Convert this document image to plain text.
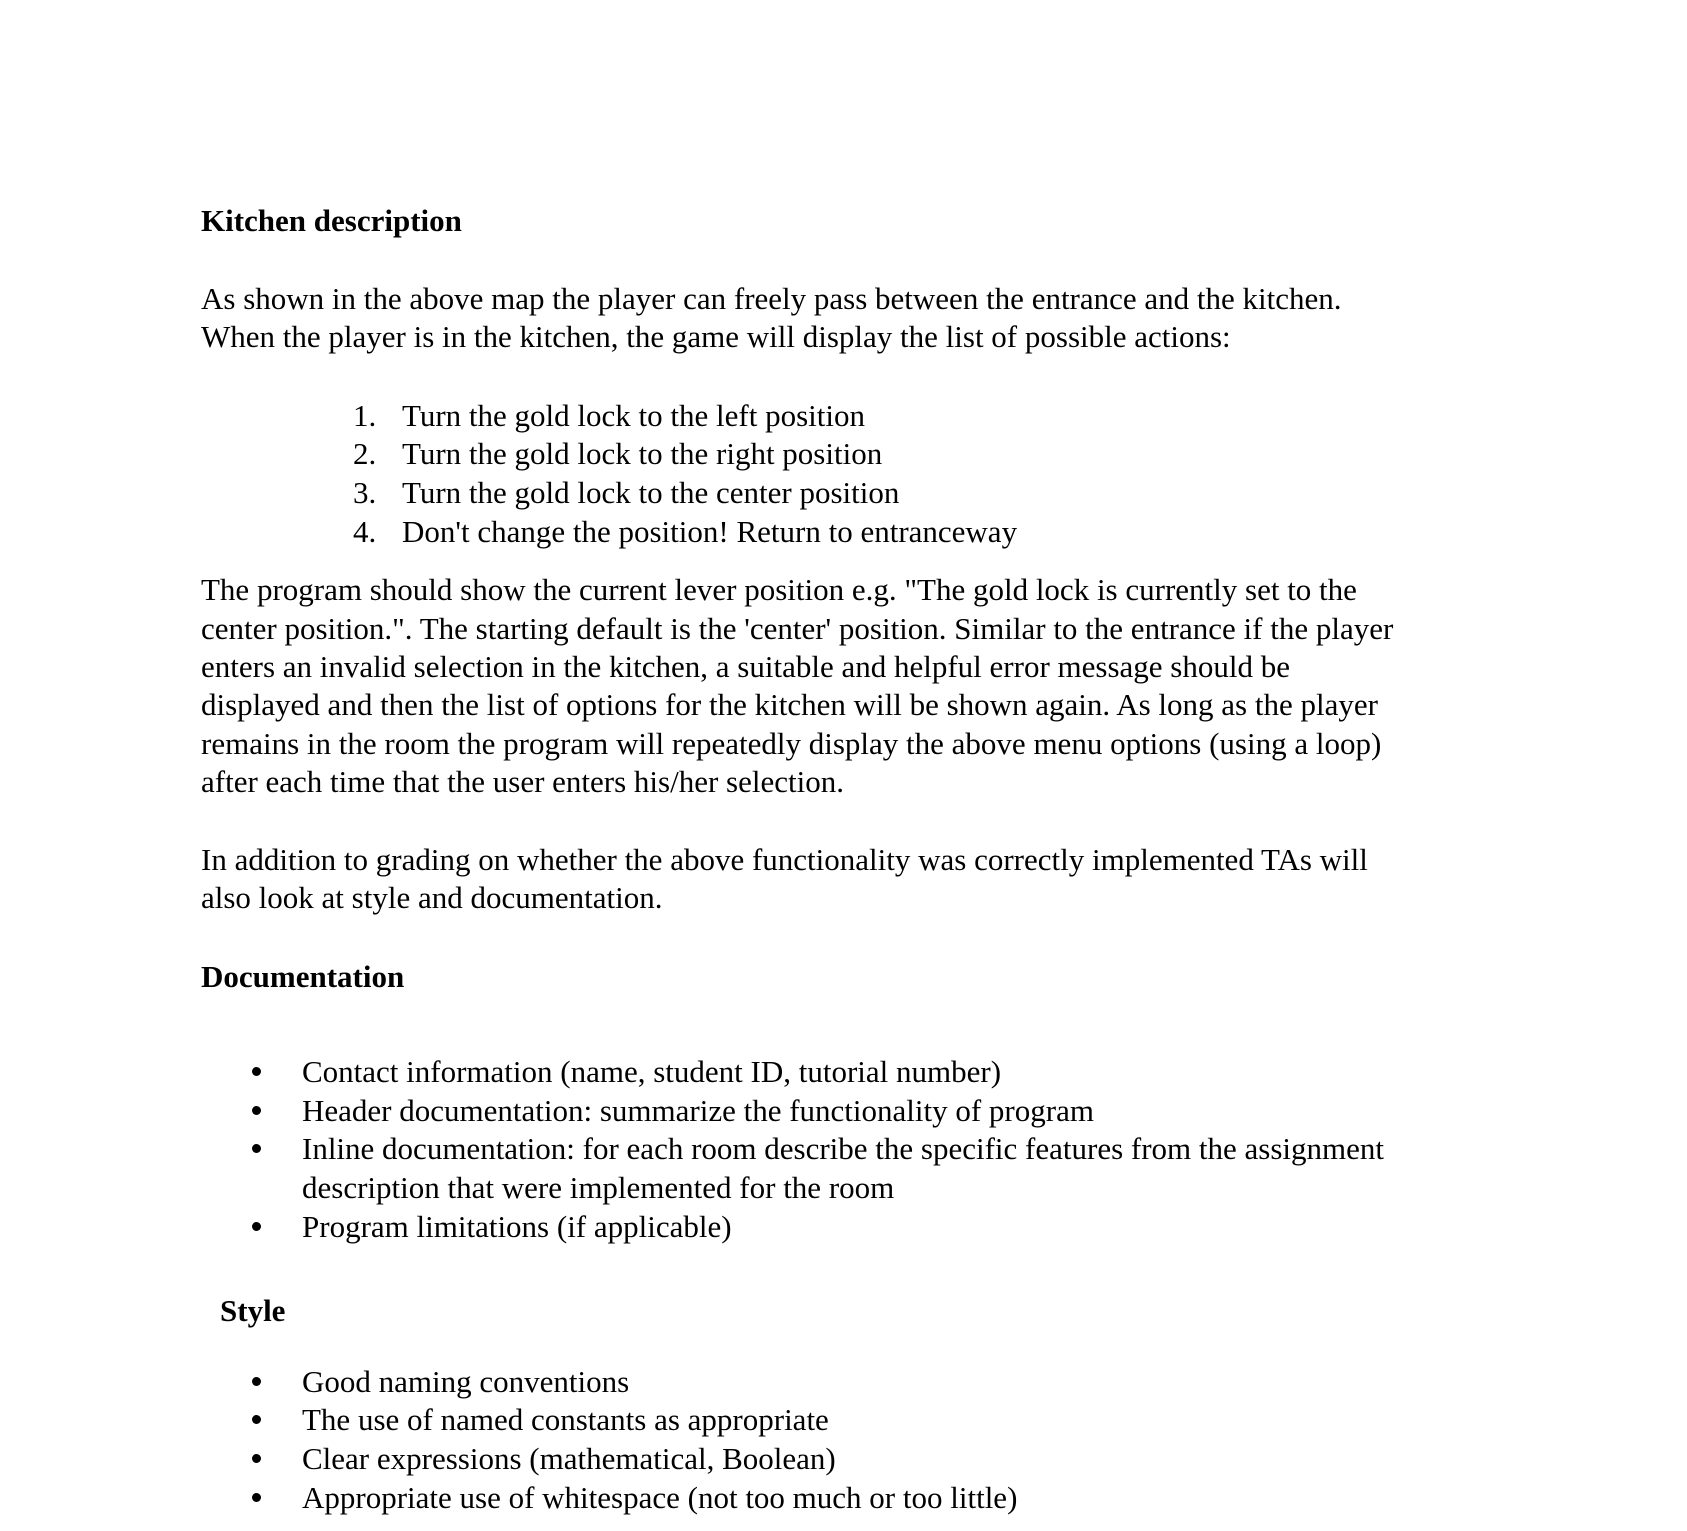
Kitchen description
As shown in the above map the player can freely pass between the entrance and the kitchen.
When the player is in the kitchen, the game will display the list of possible actions:
1. Turn the gold lock to the left position
2. Turn the gold lock to the right position
3. Turn the gold lock to the center position
4. Don't change the position! Return to entranceway
The program should show the current lever position e.g. "The gold lock is currently set to the
center position.". The starting default is the 'center' position. Similar to the entrance if the player
enters an invalid selection in the kitchen, a suitable and helpful error message should be
displayed and then the list of options for the kitchen will be shown again. As long as the player
remains in the room the program will repeatedly display the above menu options (using a loop)
after each time that the user enters his/her selection.
In addition to grading on whether the above functionality was correctly implemented TAs will
also look at style and documentation.
Documentation
Contact information (name, student ID, tutorial number)
Header documentation: summarize the functionality of program
Inline documentation: for each room describe the specific features from the assignment
description that were implemented for the room
Program limitations (if applicable)
Style
Good naming conventions
The use of named constants as appropriate
Clear expressions (mathematical, Boolean)
Appropriate use of whitespace (not too much or too little)
